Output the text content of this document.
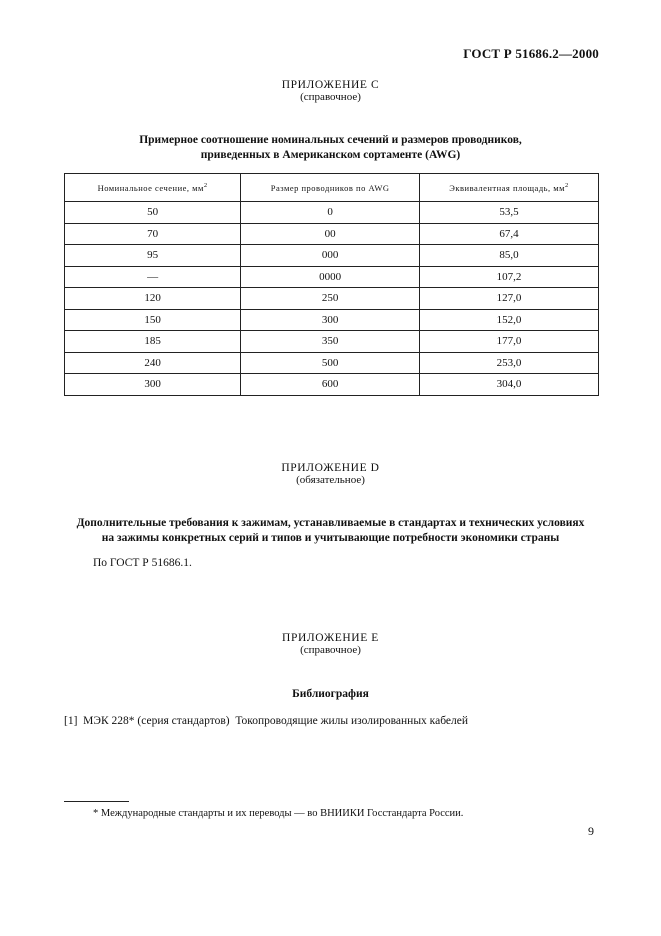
ГОСТ Р 51686.2—2000
ПРИЛОЖЕНИЕ С
(справочное)
Примерное соотношение номинальных сечений и размеров проводников,
приведенных в Американском сортаменте (AWG)
Номинальное сечение, $мм^2$	Размер проводников по AWG	Эквивалентная площадь, $мм^2$
50	0	53,5
70	00	67,4
95	000	85,0
—	0000	107,2
120	250	127,0
150	300	152,0
185	350	177,0
240	500	253,0
300	600	304,0
ПРИЛОЖЕНИЕ D
(обязательное)
Дополнительные требования к зажимам, устанавливаемые в стандартах и технических условиях
на зажимы конкретных серий и типов и учитывающие потребности экономики страны
По ГОСТ Р 51686.1.
ПРИЛОЖЕНИЕ Е
(справочное)
Библиография
[1]  МЭК 228* (серия стандартов)  Токопроводящие жилы изолированных кабелей
* Международные стандарты и их переводы — во ВНИИКИ Госстандарта России.
9
